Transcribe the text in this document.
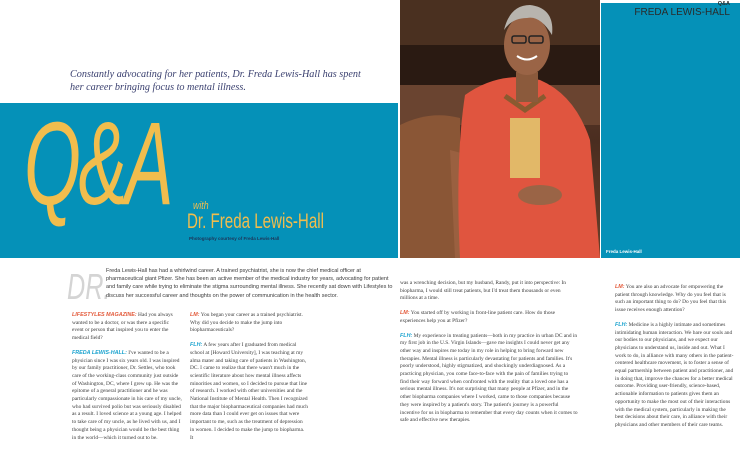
Q&A
FREDA LEWIS-HALL
Constantly advocating for her patients, Dr. Freda Lewis-Hall has spent her career bringing focus to mental illness.
Q&A with
Dr. Freda Lewis-Hall
Photography courtesy of Freda Lewis-Hall
Freda Lewis-Hall
DR.
Freda Lewis-Hall has had a whirlwind career. A trained psychiatrist, she is now the chief medical officer at pharmaceutical giant Pfizer. She has been an active member of the medical industry for years, advocating for patient and family care while trying to eliminate the stigma surrounding mental illness. She recently sat down with Lifestyles to discuss her successful career and thoughts on the power of communication in the health sector.

LIFESTYLES MAGAZINE: Had you always wanted to be a doctor, or was there a specific event or person that inspired you to enter the medical field?

FREDA LEWIS-HALL: I've wanted to be a physician since I was six years old. I was inspired by our family practitioner, Dr. Settles, who took care of the working-class community just outside of Washington, DC, where I grew up. He was the epitome of a general practitioner and he was particularly compassionate in his care of my uncle, who had survived polio but was seriously disabled as a result. I loved science at a young age. I helped to take care of my uncle, as he lived with us, and I thought being a physician would be the best thing in the world—which it turned out to be.

LM: You began your career as a trained psychiatrist. Why did you decide to make the jump into biopharmaceuticals?

FLH: A few years after I graduated from medical school at [Howard University], I was teaching at my alma mater and taking care of patients in Washington, DC. I came to realize that there wasn't much in the scientific literature about how mental illness affects minorities and women, so I decided to pursue that line of research. I worked with other universities and the National Institute of Mental Health. Then I recognized that the major biopharmaceutical companies had much more data than I could ever get on issues that were important to me, such as the treatment of depression in women. I decided to make the jump to biopharma. It

was a wrenching decision, but my husband, Randy, put it into perspective: In biopharma, I would still treat patients, but I'd treat them thousands or even millions at a time.

LM: You started off by working in front-line patient care. How do those experiences help you at Pfizer?

FLH: My experience in treating patients—both in my practice in urban DC and in my first job in the U.S. Virgin Islands—gave me insights I could never get any other way and inspires me today in my role in helping to bring forward new therapies. Mental illness is particularly devastating for patients and families. It's poorly understood, highly stigmatized, and shockingly underdiagnosed. As a practicing physician, you come face-to-face with the pain of families trying to find their way forward when confronted with the reality that a loved one has a serious mental illness. It's not surprising that many people at Pfizer, and in the other biopharma companies where I worked, came to those companies because they were inspired by a patient's story. The patient's journey is a powerful incentive for us in biopharma to remember that every day counts when it comes to safe and effective new therapies.

LM: You are also an advocate for empowering the patient through knowledge. Why do you feel that is such an important thing to do? Do you feel that this issue receives enough attention?

FLH: Medicine is a highly intimate and sometimes intimidating human interaction. We bare our souls and our bodies to our physicians, and we expect our physicians to understand us, inside and out. What I work to do, in alliance with many others in the patient-centered healthcare movement, is to foster a sense of equal partnership between patient and practitioner, and in doing that, improve the chances for a better medical outcome. Providing user-friendly, science-based, actionable information to patients gives them an opportunity to make the most out of their interactions with the medical system, particularly in making the best decisions about their care, in alliance with their physicians and other members of their care teams.
